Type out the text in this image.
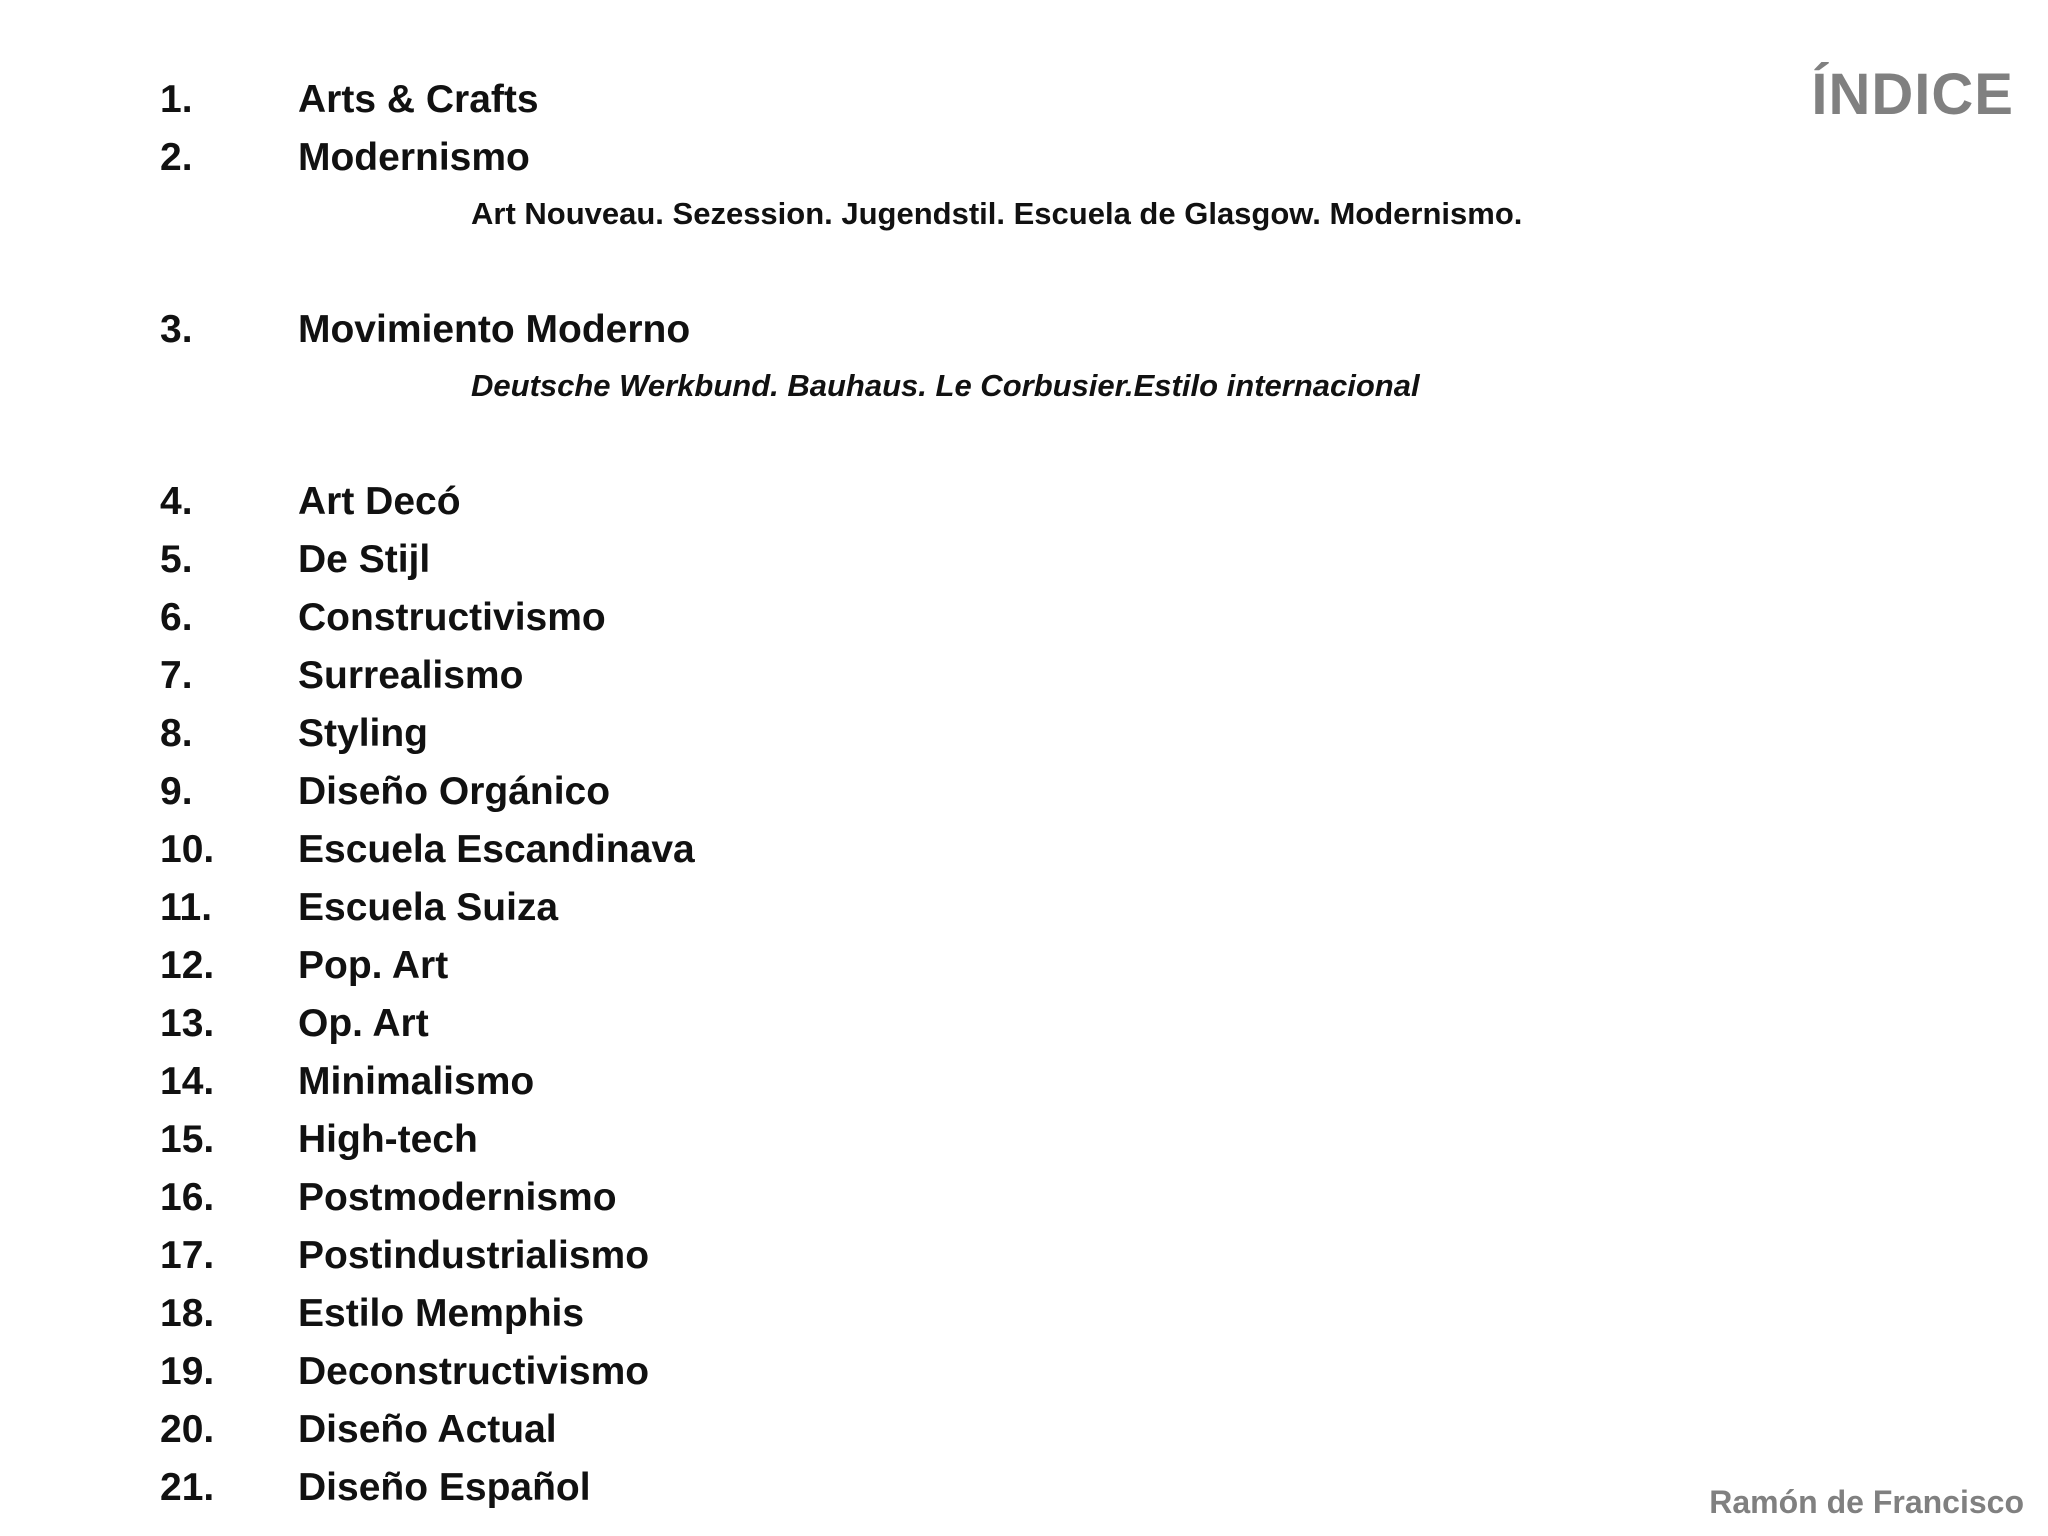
ÍNDICE
1.	Arts & Crafts
2.	Modernismo
Art Nouveau. Sezession. Jugendstil. Escuela de Glasgow. Modernismo.
3.	Movimiento Moderno
Deutsche Werkbund. Bauhaus. Le Corbusier.Estilo internacional
4.	Art Decó
5.	De Stijl
6.	Constructivismo
7.	Surrealismo
8.	Styling
9.	Diseño Orgánico
10. Escuela Escandinava
11. Escuela Suiza
12. Pop. Art
13. Op. Art
14. Minimalismo
15. High-tech
16. Postmodernismo
17. Postindustrialismo
18. Estilo Memphis
19. Deconstructivismo
20. Diseño Actual
21. Diseño Español	Ramón de Francisco
